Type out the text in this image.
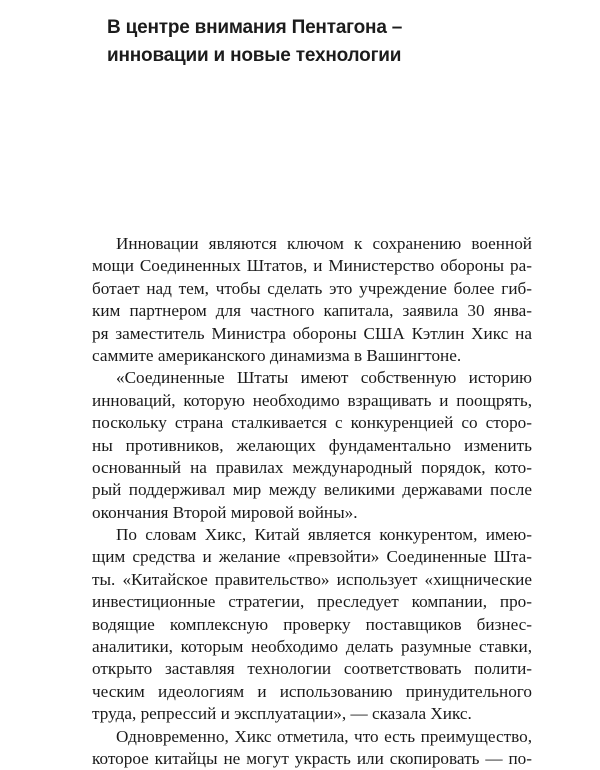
В центре внимания Пентагона –
инновации и новые технологии
Инновации являются ключом к сохранению военной
мощи Соединенных Штатов, и Министерство обороны ра-
ботает над тем, чтобы сделать это учреждение более гиб-
ким партнером для частного капитала, заявила 30 янва-
ря заместитель Министра обороны США Кэтлин Хикс на
саммите американского динамизма в Вашингтоне.
«Соединенные Штаты имеют собственную историю
инноваций, которую необходимо взращивать и поощрять,
поскольку страна сталкивается с конкуренцией со сторо-
ны противников, желающих фундаментально изменить
основанный на правилах международный порядок, кото-
рый поддерживал мир между великими державами после
окончания Второй мировой войны».
По словам Хикс, Китай является конкурентом, имею-
щим средства и желание «превзойти» Соединенные Шта-
ты. «Китайское правительство» использует «хищнические
инвестиционные стратегии, преследует компании, про-
водящие комплексную проверку поставщиков бизнес-
аналитики, которым необходимо делать разумные ставки,
открыто заставляя технологии соответствовать полити-
ческим идеологиям и использованию принудительного
труда, репрессий и эксплуатации», — сказала Хикс.
Одновременно, Хикс отметила, что есть преимущество,
которое китайцы не могут украсть или скопировать — по-
